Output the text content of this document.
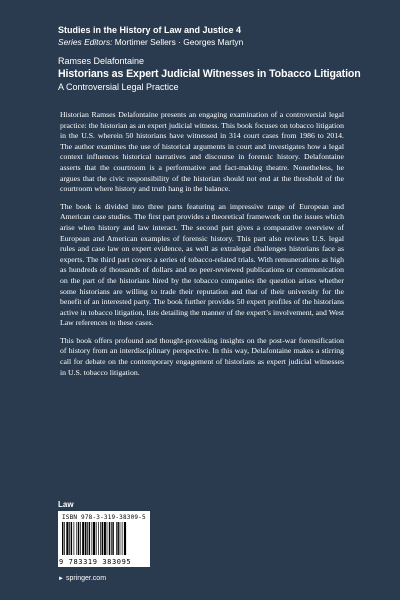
Studies in the History of Law and Justice 4
Series Editors: Mortimer Sellers · Georges Martyn
Ramses Delafontaine
Historians as Expert Judicial Witnesses in Tobacco Litigation
A Controversial Legal Practice

Historian Ramses Delafontaine presents an engaging examination of a controversial legal practice: the historian as an expert judicial witness. This book focuses on tobacco litigation in the U.S. wherein 50 historians have witnessed in 314 court cases from 1986 to 2014. The author examines the use of historical arguments in court and investigates how a legal context influences historical narratives and discourse in forensic history. Delafontaine asserts that the courtroom is a performative and fact-making theatre. Nonetheless, he argues that the civic responsibility of the historian should not end at the threshold of the courtroom where history and truth hang in the balance.

The book is divided into three parts featuring an impressive range of European and American case studies. The first part provides a theoretical framework on the issues which arise when history and law interact. The second part gives a comparative overview of European and American examples of forensic history. This part also reviews U.S. legal rules and case law on expert evidence, as well as extralegal challenges historians face as experts. The third part covers a series of tobacco-related trials. With remunerations as high as hundreds of thousands of dollars and no peer-reviewed publications or communication on the part of the historians hired by the tobacco companies the question arises whether some historians are willing to trade their reputation and that of their university for the benefit of an interested party. The book further provides 50 expert profiles of the historians active in tobacco litigation, lists detailing the manner of the expert’s involvement, and West Law references to these cases.

This book offers profound and thought-provoking insights on the post-war forensification of history from an interdisciplinary perspective. In this way, Delafontaine makes a stirring call for debate on the contemporary engagement of historians as expert judicial witnesses in U.S. tobacco litigation.

Law
ISBN 978-3-319-38309-5
9 783319 383095
► springer.com
